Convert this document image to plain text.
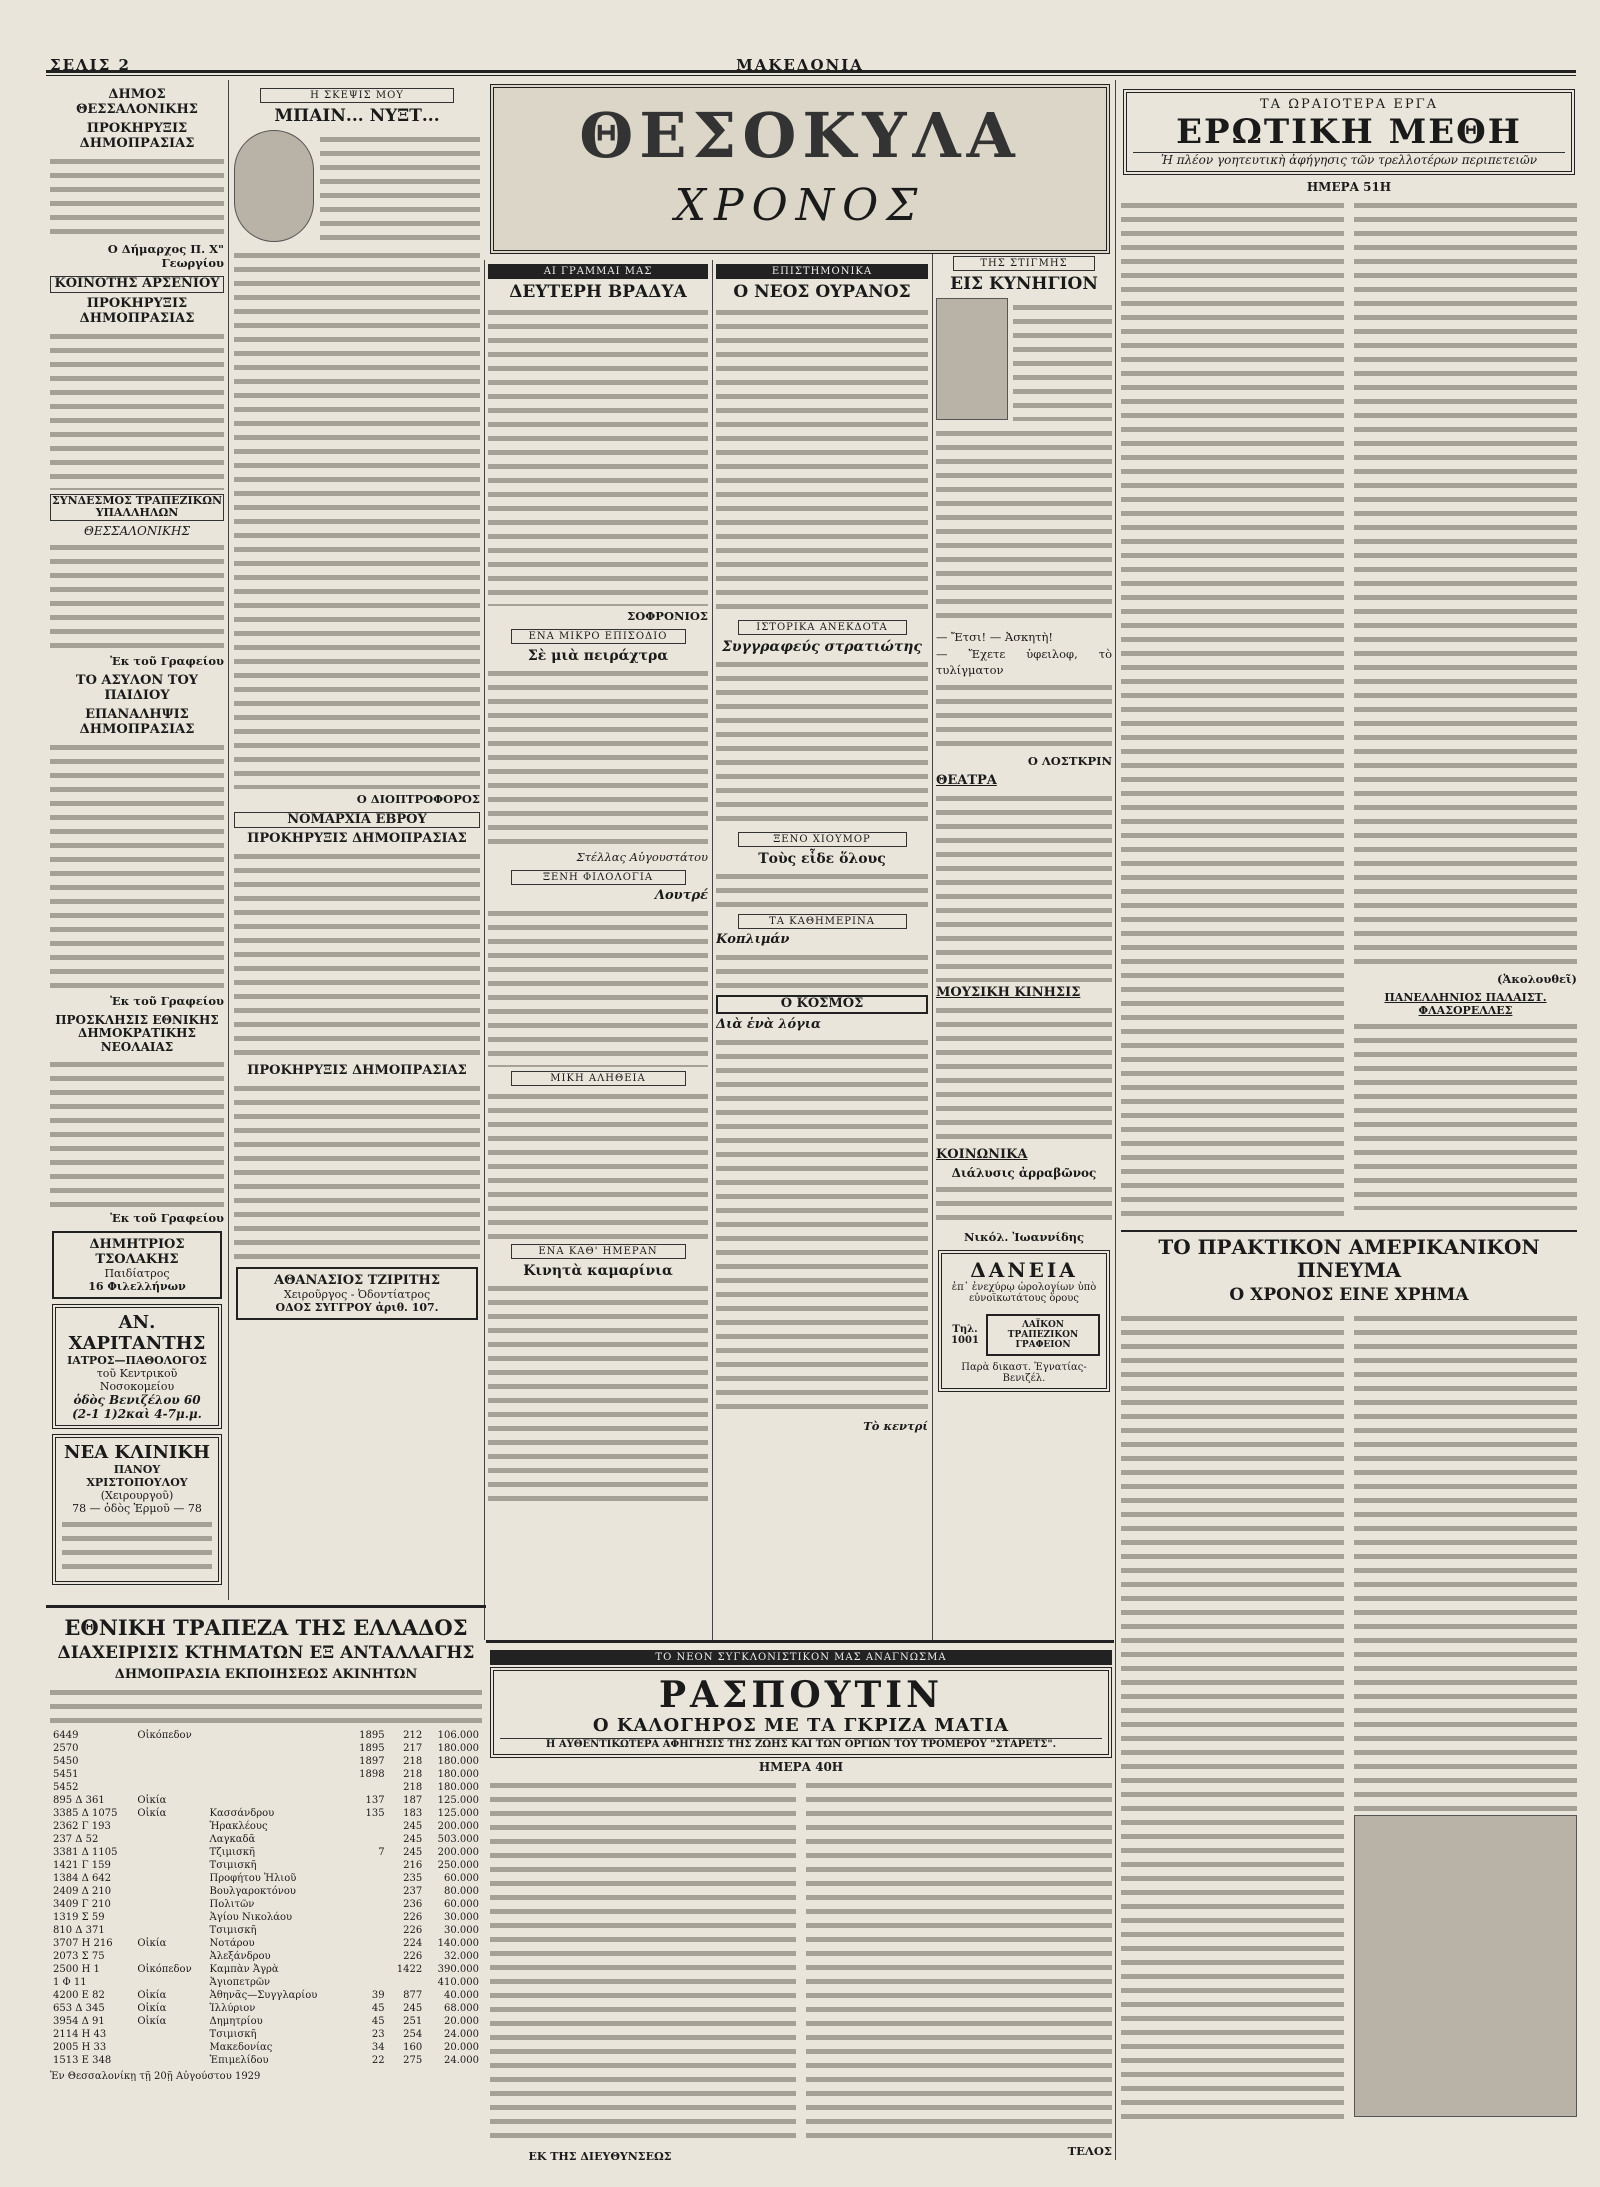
ΣΕΛΙΣ 2	ΜΑΚΕΔΟΝΙΑ
ΔΗΜΟΣ ΘΕΣΣΑΛΟΝΙΚΗΣ
ΠΡΟΚΗΡΥΞΙΣ ΔΗΜΟΠΡΑΣΙΑΣ
Ο Δήμαρχος Π. Χ" Γεωργίου
ΚΟΙΝΟΤΗΣ ΑΡΣΕΝΙΟΥ
ΠΡΟΚΗΡΥΞΙΣ ΔΗΜΟΠΡΑΣΙΑΣ
ΣΥΝΔΕΣΜΟΣ ΤΡΑΠΕΖΙΚΩΝ ΥΠΑΛΛΗΛΩΝ
ΘΕΣΣΑΛΟΝΙΚΗΣ
Ἐκ τοῦ Γραφείου
ΤΟ ΑΣΥΛΟΝ ΤΟΥ ΠΑΙΔΙΟΥ
ΕΠΑΝΑΛΗΨΙΣ ΔΗΜΟΠΡΑΣΙΑΣ
Ἐκ τοῦ Γραφείου
ΠΡΟΣΚΛΗΣΙΣ ΕΘΝΙΚΗΣ ΔΗΜΟΚΡΑΤΙΚΗΣ ΝΕΟΛΑΙΑΣ
Ἐκ τοῦ Γραφείου
ΔΗΜΗΤΡΙΟΣ ΤΣΟΛΑΚΗΣ
Παιδίατρος
16 Φιλελλήνων
ΑΝ. ΧΑΡΙΤΑΝΤΗΣ
ΙΑΤΡΟΣ—ΠΑΘΟΛΟΓΟΣ
τοῦ Κεντρικοῦ Νοσοκομείου
ὁδὸς Βενιζέλου 60
(2-1 1)2καὶ 4-7μ.μ.
ΝΕΑ ΚΛΙΝΙΚΗ
ΠΑΝΟΥ ΧΡΙΣΤΟΠΟΥΛΟΥ
(Χειρουργοῦ)
78 — ὁδὸς Ἑρμοῦ — 78
Η ΣΚΕΨΙΣ ΜΟΥ
ΜΠΑΙΝ... ΝΥΞΤ...
Ο ΔΙΟΠΤΡΟΦΟΡΟΣ
ΝΟΜΑΡΧΙΑ ΕΒΡΟΥ
ΠΡΟΚΗΡΥΞΙΣ ΔΗΜΟΠΡΑΣΙΑΣ
ΠΡΟΚΗΡΥΞΙΣ ΔΗΜΟΠΡΑΣΙΑΣ
ΑΘΑΝΑΣΙΟΣ ΤΖΙΡΙΤΗΣ
Χειροῦργος - Ὀδοντίατρος
ΟΔΟΣ ΣΥΓΓΡΟΥ ἀριθ. 107.
ΘΕΣΟΚΥΛΑ
ΧΡΟΝΟΣ
ΑΙ ΓΡΑΜΜΑΙ ΜΑΣ
ΔΕΥΤΕΡΗ ΒΡΑΔΥΑ
ΣΟΦΡΟΝΙΟΣ
ΕΝΑ ΜΙΚΡΟ ΕΠΙΣΟΔΙΟ
Σὲ μιὰ πειράχτρα
Στέλλας Αὐγουστάτου
ΞΕΝΗ ΦΙΛΟΛΟΓΙΑ
Λουτρέ
ΜΙΚΗ ΑΛΗΘΕΙΑ
ΕΝΑ ΚΑΘ' ΗΜΕΡΑΝ
Κινητὰ καμαρίνια
ΕΠΙΣΤΗΜΟΝΙΚΑ
Ο ΝΕΟΣ ΟΥΡΑΝΟΣ
ΙΣΤΟΡΙΚΑ ΑΝΕΚΔΟΤΑ
Συγγραφεύς στρατιώτης
ΞΕΝΟ ΧΙΟΥΜΟΡ
Τοὺς εἶδε ὅλους
ΤΑ ΚΑΘΗΜΕΡΙΝΑ
Κοπλιμάν
Ο ΚΟΣΜΟΣ
Διὰ ἑνὰ λόγια
Τὸ κεντρί
ΤΗΣ ΣΤΙΓΜΗΣ
ΕΙΣ ΚΥΝΗΓΙΟΝ
— Ἔτσι! — Ἀσκητὴ!
— Ἔχετε ὑφειλοφ, τὸ τυλίγματον
Ο ΛΟΣΤΚΡΙΝ
ΘΕΑΤΡΑ
ΜΟΥΣΙΚΗ ΚΙΝΗΣΙΣ
ΚΟΙΝΩΝΙΚΑ
Διάλυσις ἀρραβῶνος
Νικόλ. Ἰωαννίδης
ΔΑΝΕΙΑ
ἐπ᾽ ἐνεχύρῳ ὡρολογίων ὑπὸ εὐνοϊκωτάτους ὅρους
Τηλ. 1001
ΛΑΪΚΟΝ ΤΡΑΠΕΖΙΚΟΝ ΓΡΑΦΕΙΟΝ
Παρὰ δικαστ. Ἐγνατίας-Βενιζέλ.
ΤΑ ΩΡΑΙΟΤΕΡΑ ΕΡΓΑ
ΕΡΩΤΙΚΗ ΜΕΘΗ
Ἡ πλέον γοητευτικὴ ἀφήγησις τῶν τρελλοτέρων περιπετειῶν
ΗΜΕΡΑ 51Η
(Ἀκολουθεῖ)
ΠΑΝΕΛΛΗΝΙΟΣ ΠΑΛΑΙΣΤ. ΦΛΑΣΟΡΕΛΛΕΣ
ΤΟ ΠΡΑΚΤΙΚΟΝ ΑΜΕΡΙΚΑΝΙΚΟΝ ΠΝΕΥΜΑ
Ο ΧΡΟΝΟΣ ΕΙΝΕ ΧΡΗΜΑ
ΕΘΝΙΚΗ ΤΡΑΠΕΖΑ ΤΗΣ ΕΛΛΑΔΟΣ
ΔΙΑΧΕΙΡΙΣΙΣ ΚΤΗΜΑΤΩΝ ΕΞ ΑΝΤΑΛΛΑΓΗΣ
ΔΗΜΟΠΡΑΣΙΑ ΕΚΠΟΙΗΣΕΩΣ ΑΚΙΝΗΤΩΝ
6449	Οἰκόπεδον			1895	212	106.000
2570				1895	217	180.000
5450				1897	218	180.000
5451				1898	218	180.000
5452					218	180.000
895 Δ 361	Οἰκία			137	187	125.000
3385 Δ 1075	Οἰκία	Κασσάνδρου		135	183	125.000
2362 Γ 193		Ἡρακλέους			245	200.000
237 Δ 52		Λαγκαδᾶ			245	503.000
3381 Δ 1105		Τζιμισκῆ		7	245	200.000
1421 Γ 159		Τσιμισκῆ			216	250.000
1384 Δ 642		Προφήτου Ἠλιοῦ			235	60.000
2409 Δ 210		Βουλγαροκτόνου			237	80.000
3409 Γ 210		Πολιτῶν			236	60.000
1319 Σ 59		Ἁγίου Νικολάου			226	30.000
810 Δ 371		Τσιμισκῆ			226	30.000
3707 Η 216	Οἰκία	Νοτάρου			224	140.000
2073 Σ 75		Ἀλεξάνδρου			226	32.000
2500 Η 1	Οἰκόπεδον	Καμπὰν Ἀγρὰ			1422	390.000
1 Φ 11		Ἁγιοπετρῶν				410.000
4200 Ε 82	Οἰκία	Ἀθηνᾶς—Συγγλαρίου		39	877	40.000
653 Δ 345	Οἰκία	Ἱλλύριον		45	245	68.000
3954 Δ 91	Οἰκία	Δημητρίου		45	251	20.000
2114 Η 43		Τσιμισκῆ		23	254	24.000
2005 Η 33		Μακεδονίας		34	160	20.000
1513 Ε 348		Ἐπιμελίδου		22	275	24.000
Ἐν Θεσσαλονίκῃ τῇ 20ῇ Αὐγούστου 1929
ΕΚ ΤΗΣ ΔΙΕΥΘΥΝΣΕΩΣ
ΤΟ ΝΕΟΝ ΣΥΓΚΛΟΝΙΣΤΙΚΟΝ ΜΑΣ ΑΝΑΓΝΩΣΜΑ
ΡΑΣΠΟΥΤΙΝ
Ο ΚΑΛΟΓΗΡΟΣ ΜΕ ΤΑ ΓΚΡΙΖΑ ΜΑΤΙΑ
Η ΑΥΘΕΝΤΙΚΩΤΕΡΑ ΑΦΗΓΗΣΙΣ ΤΗΣ ΖΩΗΣ ΚΑΙ ΤΩΝ ΟΡΓΙΩΝ ΤΟΥ ΤΡΟΜΕΡΟΥ "ΣΤΑΡΕΤΣ".
ΗΜΕΡΑ 40Η
ΤΕΛΟΣ
